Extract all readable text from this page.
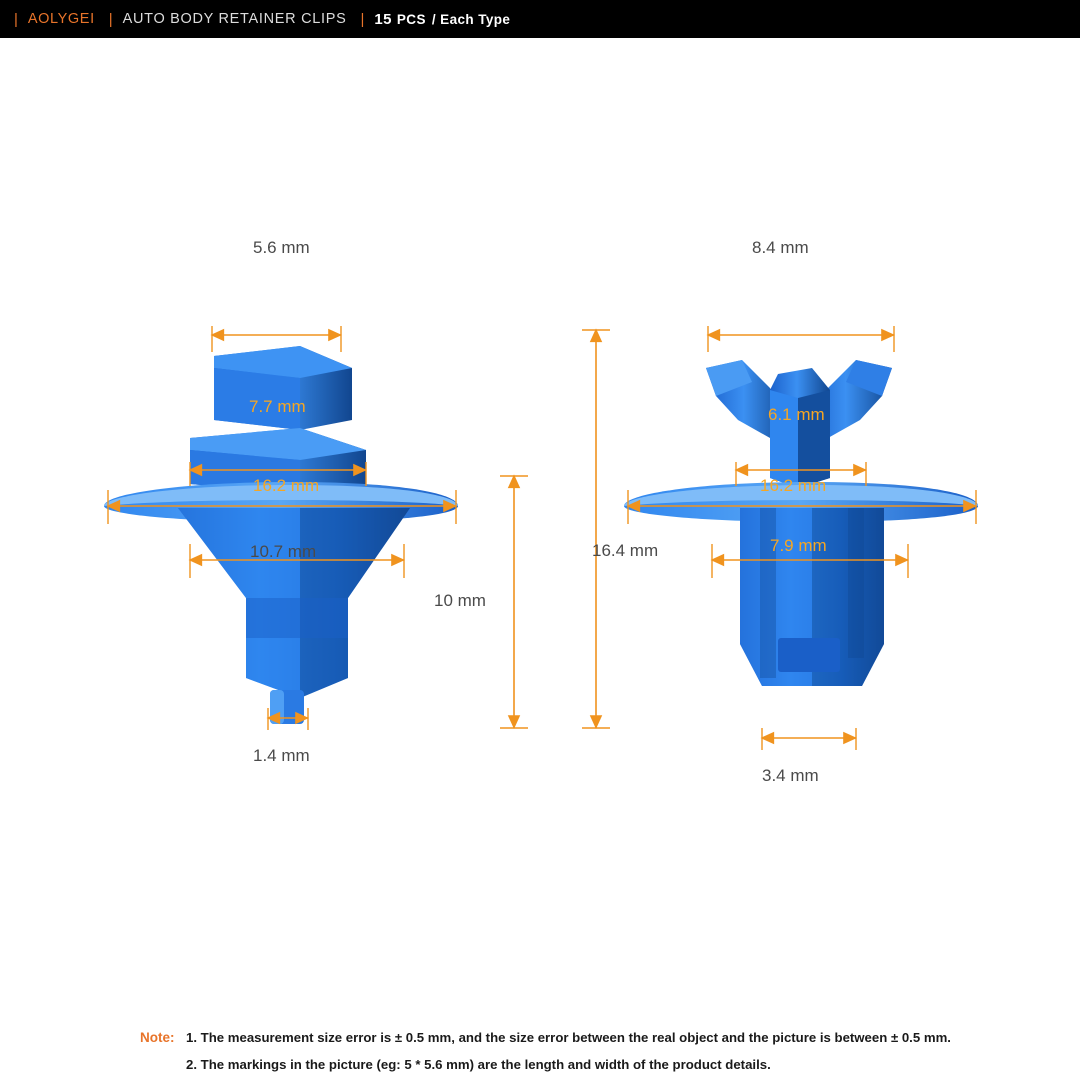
| AOLYGEI | AUTO BODY RETAINER CLIPS | 15 PCS / Each Type
5.6 mm
7.7 mm
16.2 mm
10.7 mm
10 mm
1.4 mm
8.4 mm
6.1 mm
16.2 mm
7.9 mm
16.4 mm
3.4 mm
Note: 1. The measurement size error is ± 0.5 mm, and the size error between the real object and the picture is between ± 0.5 mm.
2. The markings in the picture (eg: 5 * 5.6 mm) are the length and width of the product details.
